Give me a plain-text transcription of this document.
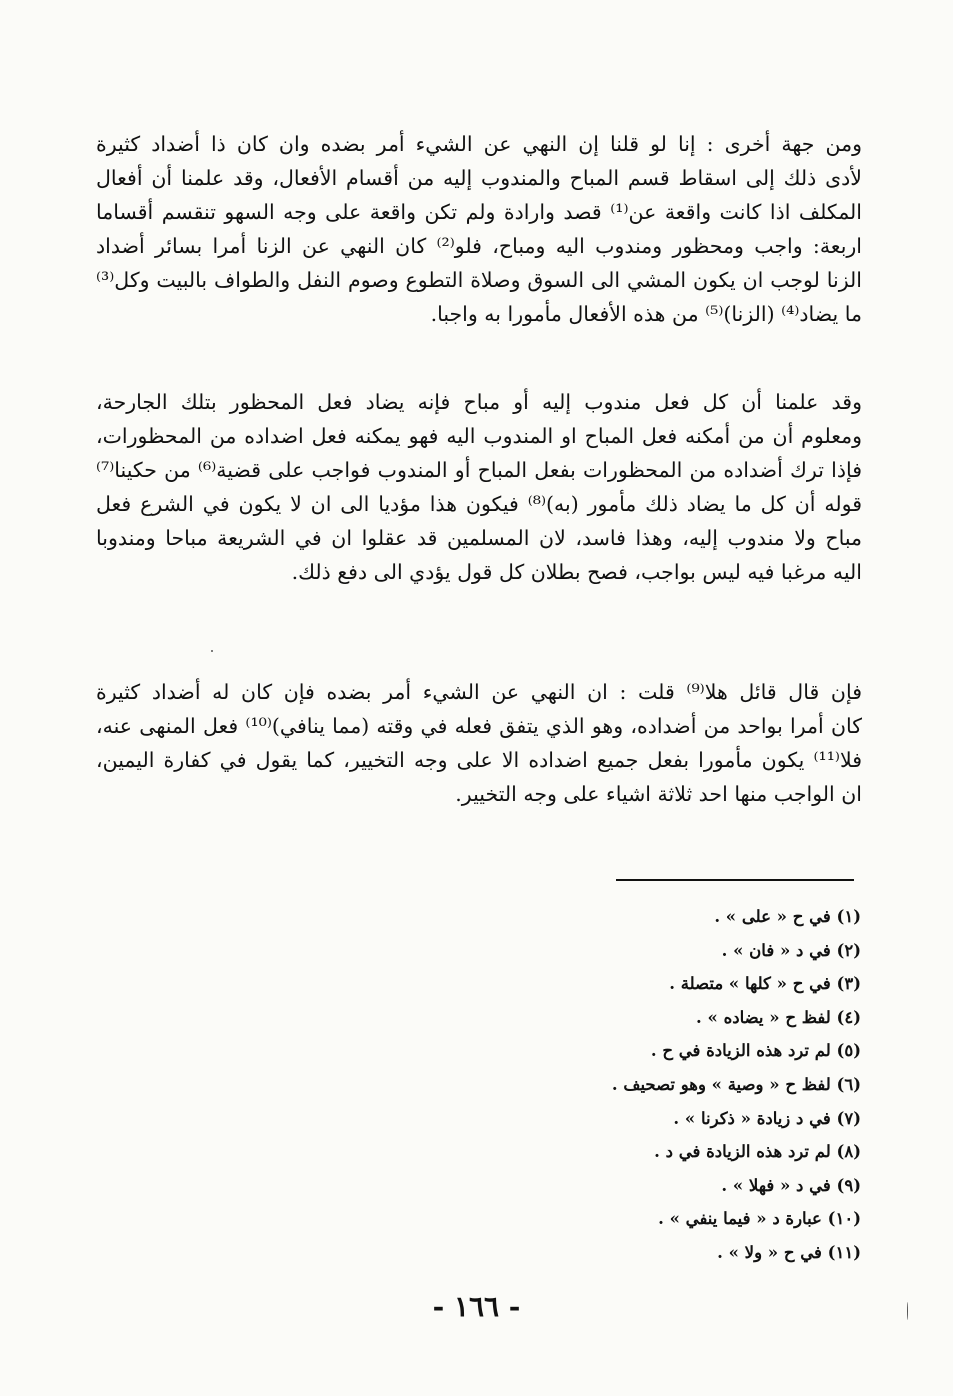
ومن جهة أخرى : إنا لو قلنا إن النهي عن الشيء أمر بضده وان كان ذا أضداد كثيرة
لأدى ذلك إلى اسقاط قسم المباح والمندوب إليه من أقسام الأفعال، وقد علمنا أن أفعال
المكلف اذا كانت واقعة عن⁽¹⁾ قصد وارادة ولم تكن واقعة على وجه السهو تنقسم أقساما
اربعة: واجب ومحظور ومندوب اليه ومباح، فلو⁽²⁾ كان النهي عن الزنا أمرا بسائر أضداد
الزنا لوجب ان يكون المشي الى السوق وصلاة التطوع وصوم النفل والطواف بالبيت وكل⁽³⁾
ما يضاد⁽⁴⁾ (الزنا)⁽⁵⁾ من هذه الأفعال مأمورا به واجبا.
وقد علمنا أن كل فعل مندوب إليه أو مباح فإنه يضاد فعل المحظور بتلك الجارحة،
ومعلوم أن من أمكنه فعل المباح او المندوب اليه فهو يمكنه فعل اضداده من المحظورات،
فإذا ترك أضداده من المحظورات بفعل المباح أو المندوب فواجب على قضية⁽⁶⁾ من حكينا⁽⁷⁾
قوله أن كل ما يضاد ذلك مأمور (به)⁽⁸⁾ فيكون هذا مؤديا الى ان لا يكون في الشرع فعل
مباح ولا مندوب إليه، وهذا فاسد، لان المسلمين قد عقلوا ان في الشريعة مباحا ومندوبا
اليه مرغبا فيه ليس بواجب، فصح بطلان كل قول يؤدي الى دفع ذلك.
فإن قال قائل هلا⁽⁹⁾ قلت : ان النهي عن الشيء أمر بضده فإن كان له أضداد كثيرة
كان أمرا بواحد من أضداده، وهو الذي يتفق فعله في وقته (مما ينافي)⁽¹⁰⁾ فعل المنهى عنه،
فلا⁽¹¹⁾ يكون مأمورا بفعل جميع اضداده الا على وجه التخيير، كما يقول في كفارة اليمين،
ان الواجب منها احد ثلاثة اشياء على وجه التخيير.
(١) في ح « على » .
(٢) في د « فان » .
(٣) في ح « كلها » متصلة .
(٤) لفظ ح « يضاده » .
(٥) لم ترد هذه الزيادة في ح .
(٦) لفظ ح « وصية » وهو تصحيف .
(٧) في د زيادة « ذكرنا » .
(٨) لم ترد هذه الزيادة في د .
(٩) في د « فهلا » .
(١٠) عبارة د « فيما ينفي » .
(١١) في ح « ولا » .
- ١٦٦ -
